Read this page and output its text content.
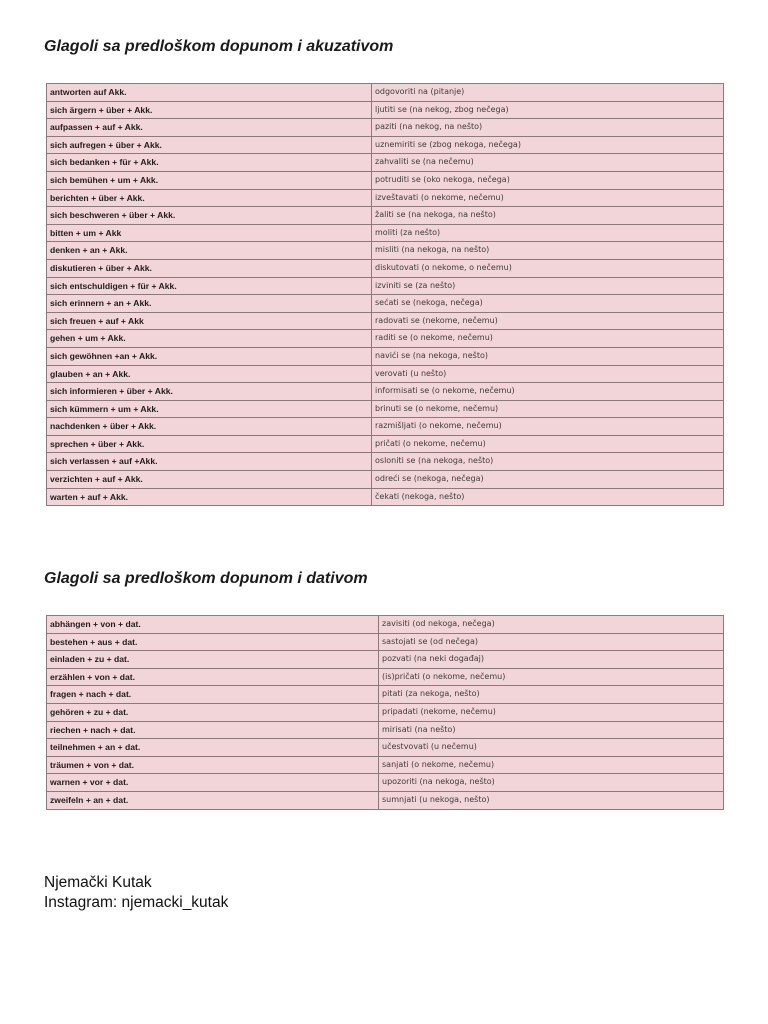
Glagoli sa predloškom dopunom i akuzativom
antworten auf Akk.	odgovoriti na (pitanje)
sich ärgern + über + Akk.	ljutiti se (na nekog, zbog nečega)
aufpassen + auf + Akk.	paziti (na nekog, na nešto)
sich aufregen + über + Akk.	uznemiriti se (zbog nekoga, nečega)
sich bedanken + für + Akk.	zahvaliti se (na nečemu)
sich bemühen + um + Akk.	potruditi se (oko nekoga, nečega)
berichten + über + Akk.	izveštavati (o nekome, nečemu)
sich beschweren + über + Akk.	žaliti se (na nekoga, na nešto)
bitten + um + Akk	moliti (za nešto)
denken + an + Akk.	misliti (na nekoga, na nešto)
diskutieren + über + Akk.	diskutovati (o nekome, o nečemu)
sich entschuldigen + für + Akk.	izviniti se (za nešto)
sich erinnern + an + Akk.	sećati se (nekoga, nečega)
sich freuen + auf + Akk	radovati se (nekome, nečemu)
gehen + um + Akk.	raditi se (o nekome, nečemu)
sich gewöhnen +an + Akk.	navići se (na nekoga, nešto)
glauben + an + Akk.	verovati (u nešto)
sich informieren + über + Akk.	informisati se (o nekome, nečemu)
sich kümmern + um + Akk.	brinuti se (o nekome, nečemu)
nachdenken + über + Akk.	razmišljati (o nekome, nečemu)
sprechen + über + Akk.	pričati (o nekome, nečemu)
sich verlassen + auf +Akk.	osloniti se (na nekoga, nešto)
verzichten + auf + Akk.	odreći se (nekoga, nečega)
warten + auf + Akk.	čekati (nekoga, nešto)
Glagoli sa predloškom dopunom i dativom
abhängen + von + dat.	zavisiti (od nekoga, nečega)
bestehen + aus + dat.	sastojati se (od nečega)
einladen + zu + dat.	pozvati (na neki događaj)
erzählen + von + dat.	(is)pričati (o nekome, nečemu)
fragen + nach + dat.	pitati (za nekoga, nešto)
gehören + zu + dat.	pripadati (nekome, nečemu)
riechen + nach + dat.	mirisati (na nešto)
teilnehmen + an + dat.	učestvovati (u nečemu)
träumen + von + dat.	sanjati (o nekome, nečemu)
warnen + vor + dat.	upozoriti (na nekoga, nešto)
zweifeln + an + dat.	sumnjati (u nekoga, nešto)
Njemački Kutak
Instagram: njemacki_kutak
